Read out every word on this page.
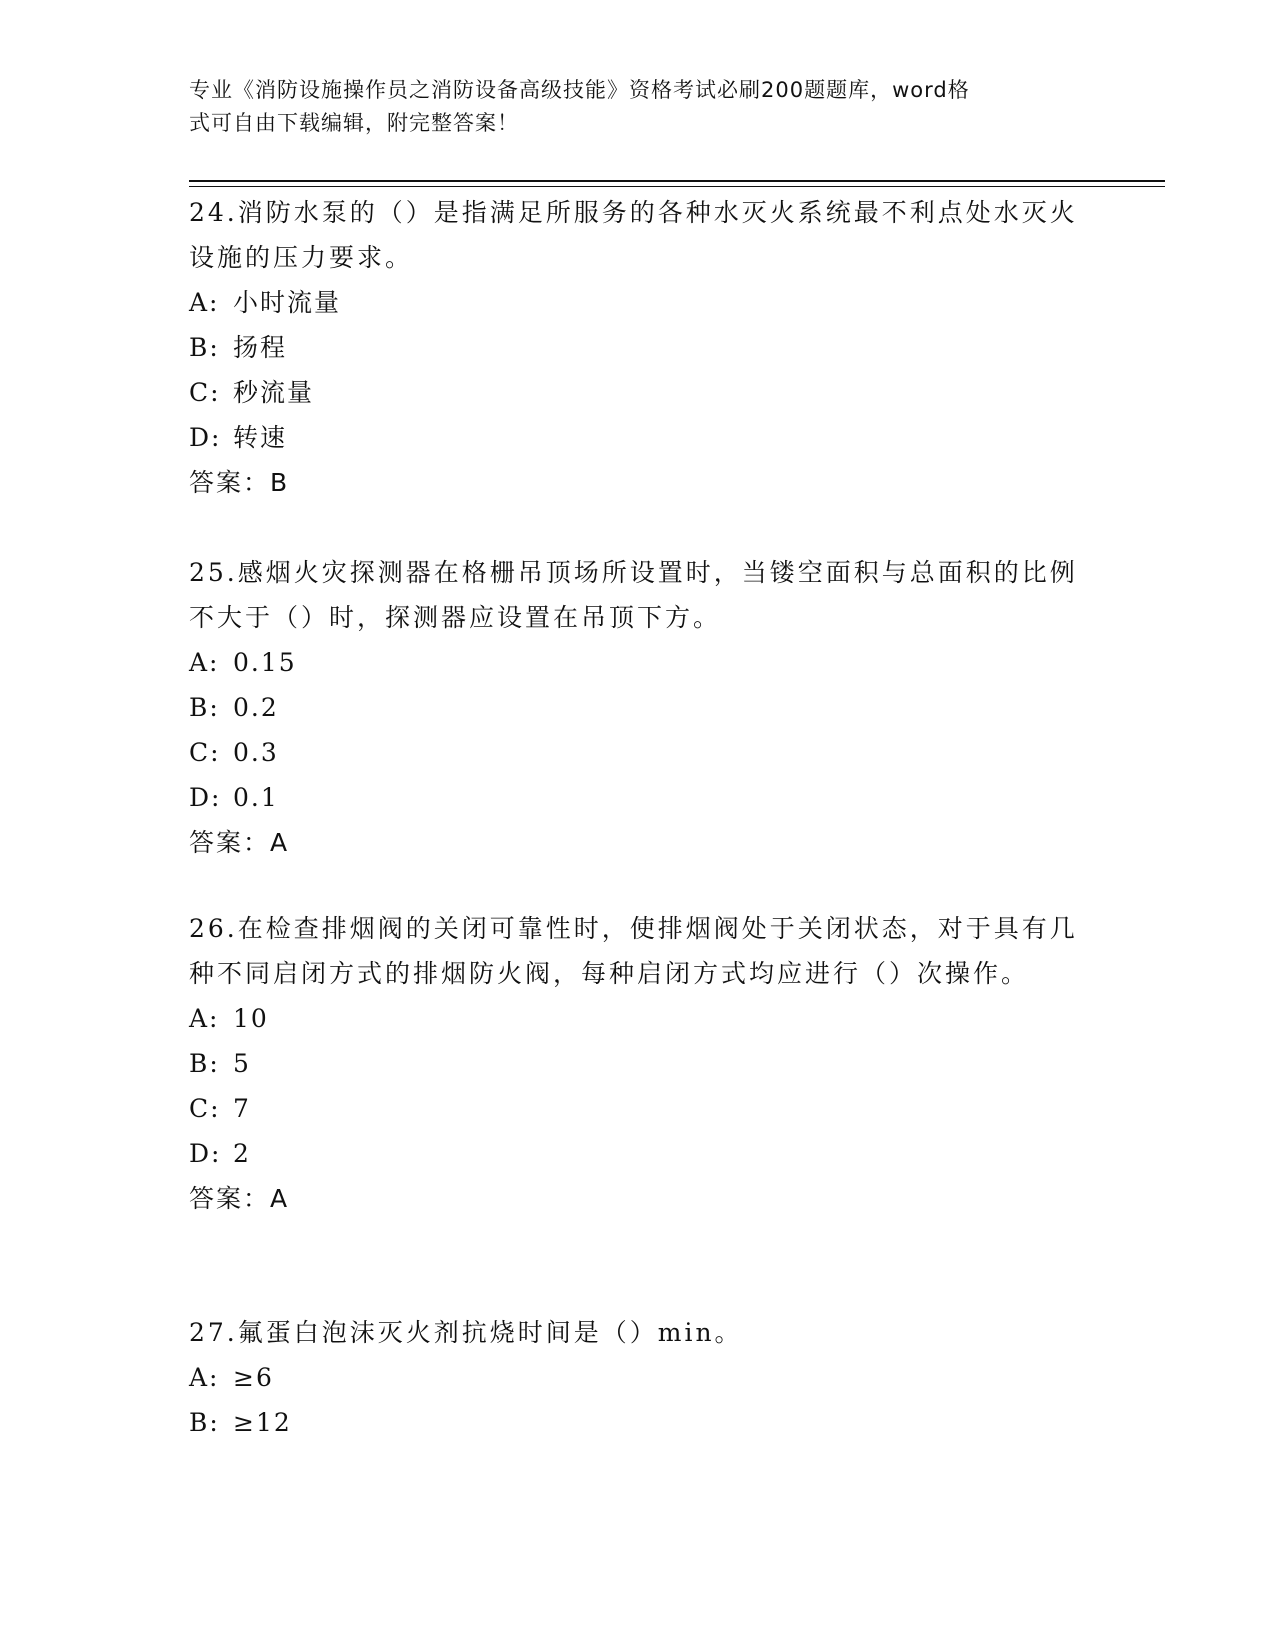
专业《消防设施操作员之消防设备高级技能》资格考试必刷200题题库，word格
式可自由下载编辑，附完整答案！

24.消防水泵的（）是指满足所服务的各种水灭火系统最不利点处水灭火设施的压力要求。

A: 小时流量

B: 扬程

C: 秒流量

D: 转速

答案：B

25.感烟火灾探测器在格栅吊顶场所设置时，当镂空面积与总面积的比例不大于（）时，探测器应设置在吊顶下方。

A: 0.15

B: 0.2

C: 0.3

D: 0.1

答案：A

26.在检查排烟阀的关闭可靠性时，使排烟阀处于关闭状态，对于具有几种不同启闭方式的排烟防火阀，每种启闭方式均应进行（）次操作。

A: 10

B: 5

C: 7

D: 2

答案：A

27.氟蛋白泡沫灭火剂抗烧时间是（）min。

A: ≥6

B: ≥12
